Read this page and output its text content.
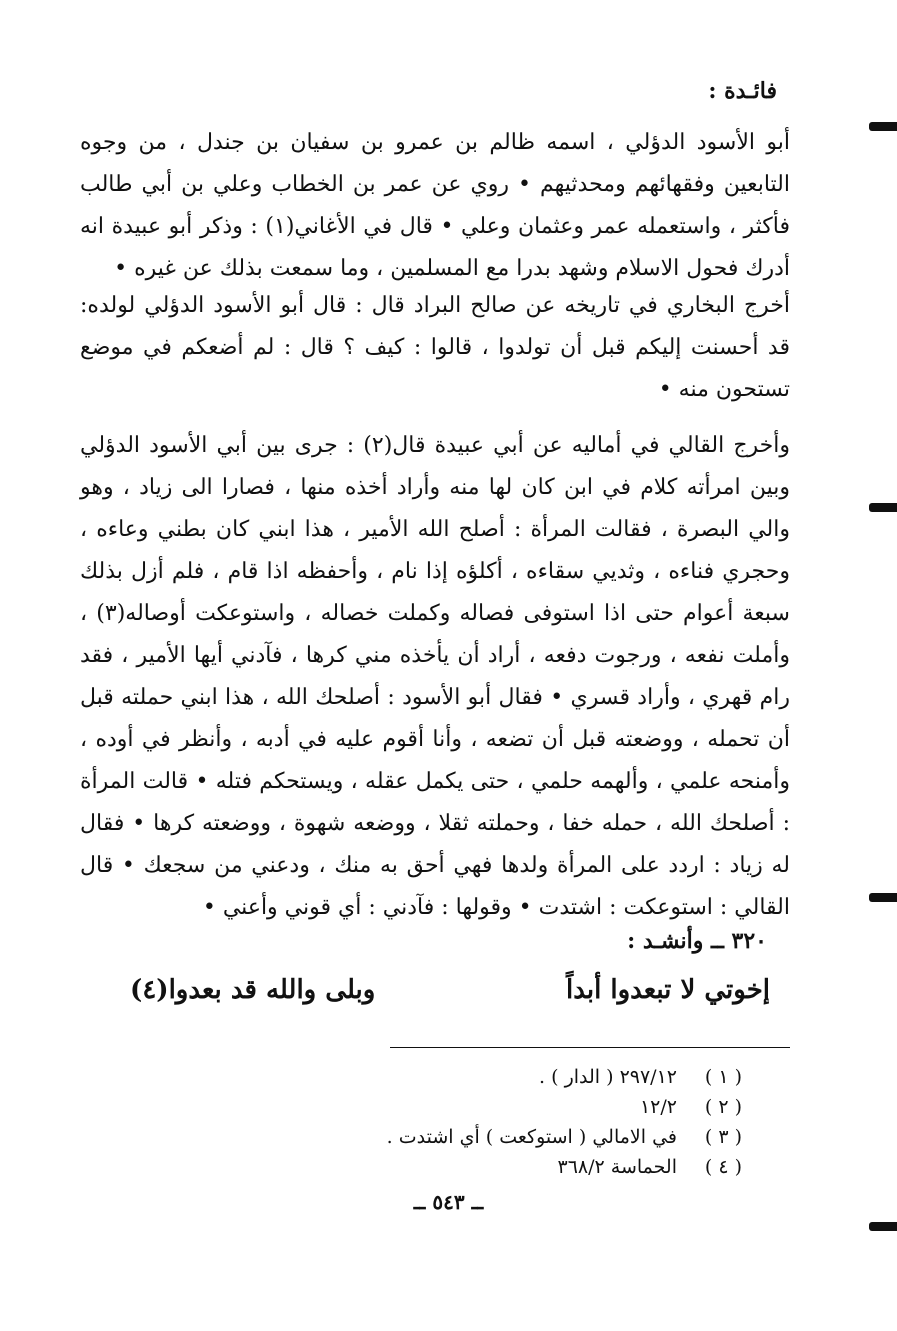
فائـدة :

أبو الأسود الدؤلي ، اسمه ظالم بن عمرو بن سفيان بن جندل ، من وجوه التابعين وفقهائهم ومحدثيهم • روي عن عمر بن الخطاب وعلي بن أبي طالب فأكثر ، واستعمله عمر وعثمان وعلي • قال في الأغاني(١) : وذكر أبو عبيدة انه أدرك فحول الاسلام وشهد بدرا مع المسلمين ، وما سمعت بذلك عن غيره •

أخرج البخاري في تاريخه عن صالح البراد قال : قال أبو الأسود الدؤلي لولده: قد أحسنت إليكم قبل أن تولدوا ، قالوا : كيف ؟ قال : لم أضعكم في موضع تستحون منه •

وأخرج القالي في أماليه عن أبي عبيدة قال(٢) : جرى بين أبي الأسود الدؤلي وبين امرأته كلام في ابن كان لها منه وأراد أخذه منها ، فصارا الى زياد ، وهو والي البصرة ، فقالت المرأة : أصلح الله الأمير ، هذا ابني كان بطني وعاءه ، وحجري فناءه ، وثديي سقاءه ، أكلؤه إذا نام ، وأحفظه اذا قام ، فلم أزل بذلك سبعة أعوام حتى اذا استوفى فصاله وكملت خصاله ، واستوعكت أوصاله(٣) ، وأملت نفعه ، ورجوت دفعه ، أراد أن يأخذه مني كرها ، فآدني أيها الأمير ، فقد رام قهري ، وأراد قسري • فقال أبو الأسود : أصلحك الله ، هذا ابني حملته قبل أن تحمله ، ووضعته قبل أن تضعه ، وأنا أقوم عليه في أدبه ، وأنظر في أوده ، وأمنحه علمي ، وألهمه حلمي ، حتى يكمل عقله ، ويستحكم فتله • قالت المرأة : أصلحك الله ، حمله خفا ، وحملته ثقلا ، ووضعه شهوة ، ووضعته كرها • فقال له زياد : اردد على المرأة ولدها فهي أحق به منك ، ودعني من سجعك • قال القالي : استوعكت : اشتدت • وقولها : فآدني : أي قوني وأعني •

٣٢٠ ــ وأنشـد :
إخوتي لا تبعدوا أبداً
وبلى والله قد بعدوا(٤)
( ١ )
٢٩٧/١٢ ( الدار ) .
( ٢ )
١٢/٢
( ٣ )
في الامالي ( استوكعت ) أي اشتدت .
( ٤ )
الحماسة ٣٦٨/٢
ــ ٥٤٣ ــ
